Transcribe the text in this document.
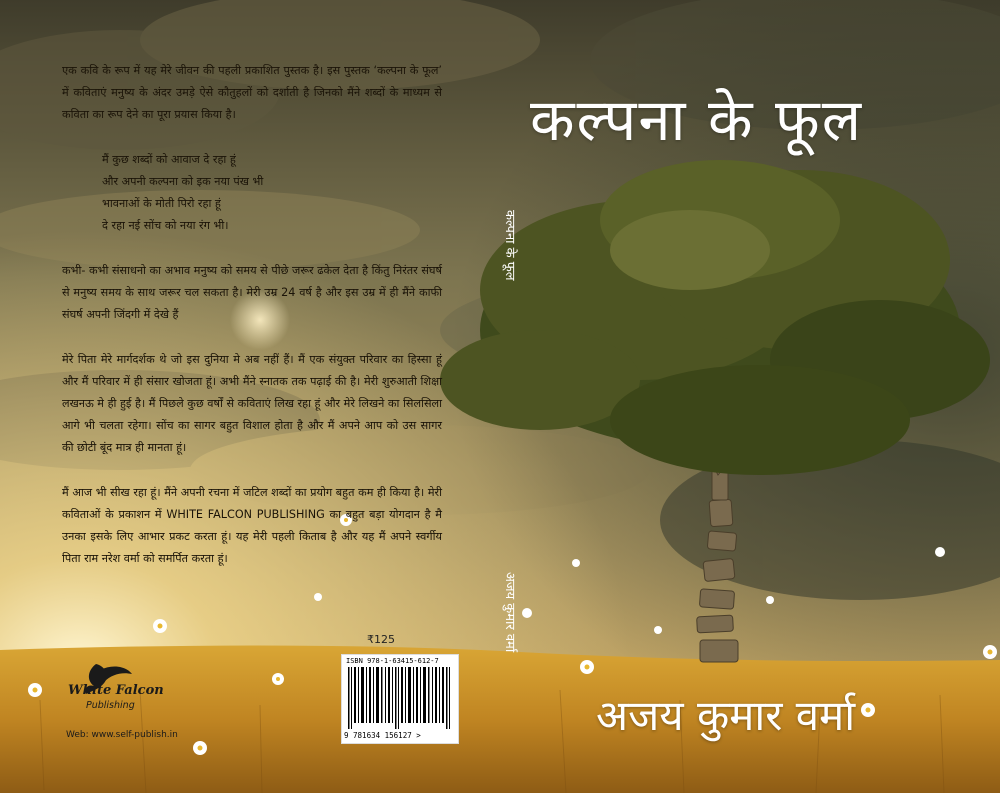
एक कवि के रूप में यह मेरे जीवन की पहली प्रकाशित पुस्तक है। इस पुस्तक ‘कल्पना के फूल’ में कविताएं मनुष्य के अंदर उमड़े ऐसे कौतुहलों को दर्शाती है जिनको मैंने शब्दों के माध्यम से कविता का रूप देने का पूरा प्रयास किया है।

मैं कुछ शब्दों को आवाज दे रहा हूं
और अपनी कल्पना को इक नया पंख भी
भावनाओं के मोती पिरो रहा हूं
दे रहा नई सोंच को नया रंग भी।

कभी- कभी संसाधनो का अभाव मनुष्य को समय से पीछे जरूर ढकेल देता है किंतु निरंतर संघर्ष से मनुष्य समय के साथ जरूर चल सकता है। मेरी उम्र 24 वर्ष है और इस उम्र में ही मैंने काफी संघर्ष अपनी जिंदगी में देखे हैं

मेरे पिता मेरे मार्गदर्शक थे जो इस दुनिया मे अब नहीं हैं। मैं एक संयुक्त परिवार का हिस्सा हूं और मैं परिवार में ही संसार खोजता हूं। अभी मैंने स्नातक तक पढ़ाई की है। मेरी शुरुआती शिक्षा लखनऊ मे ही हुई है। मैं पिछले कुछ वर्षों से कविताएं लिख रहा हूं और मेरे लिखने का सिलसिला आगे भी चलता रहेगा। सोंच का सागर बहुत विशाल होता है और मैं अपने आप को उस सागर की छोटी बूंद मात्र ही मानता हूं।

मैं आज भी सीख रहा हूं। मैंने अपनी रचना में जटिल शब्दों का प्रयोग बहुत कम ही किया है। मेरी कविताओं के प्रकाशन में WHITE FALCON PUBLISHING का बहुत बड़ा योगदान है मै उनका इसके लिए आभार प्रकट करता हूं। यह मेरी पहली किताब है और यह मैं अपने स्वर्गीय पिता राम नरेश वर्मा को समर्पित करता हूं।

₹125
ISBN 978-1-63415-612-7
9 781634 156127 >
White Falcon
Publishing
Web: www.self-publish.in
कल्पना के फूल
अजय कुमार वर्मा
कल्पना के फूल
अजय कुमार वर्मा
